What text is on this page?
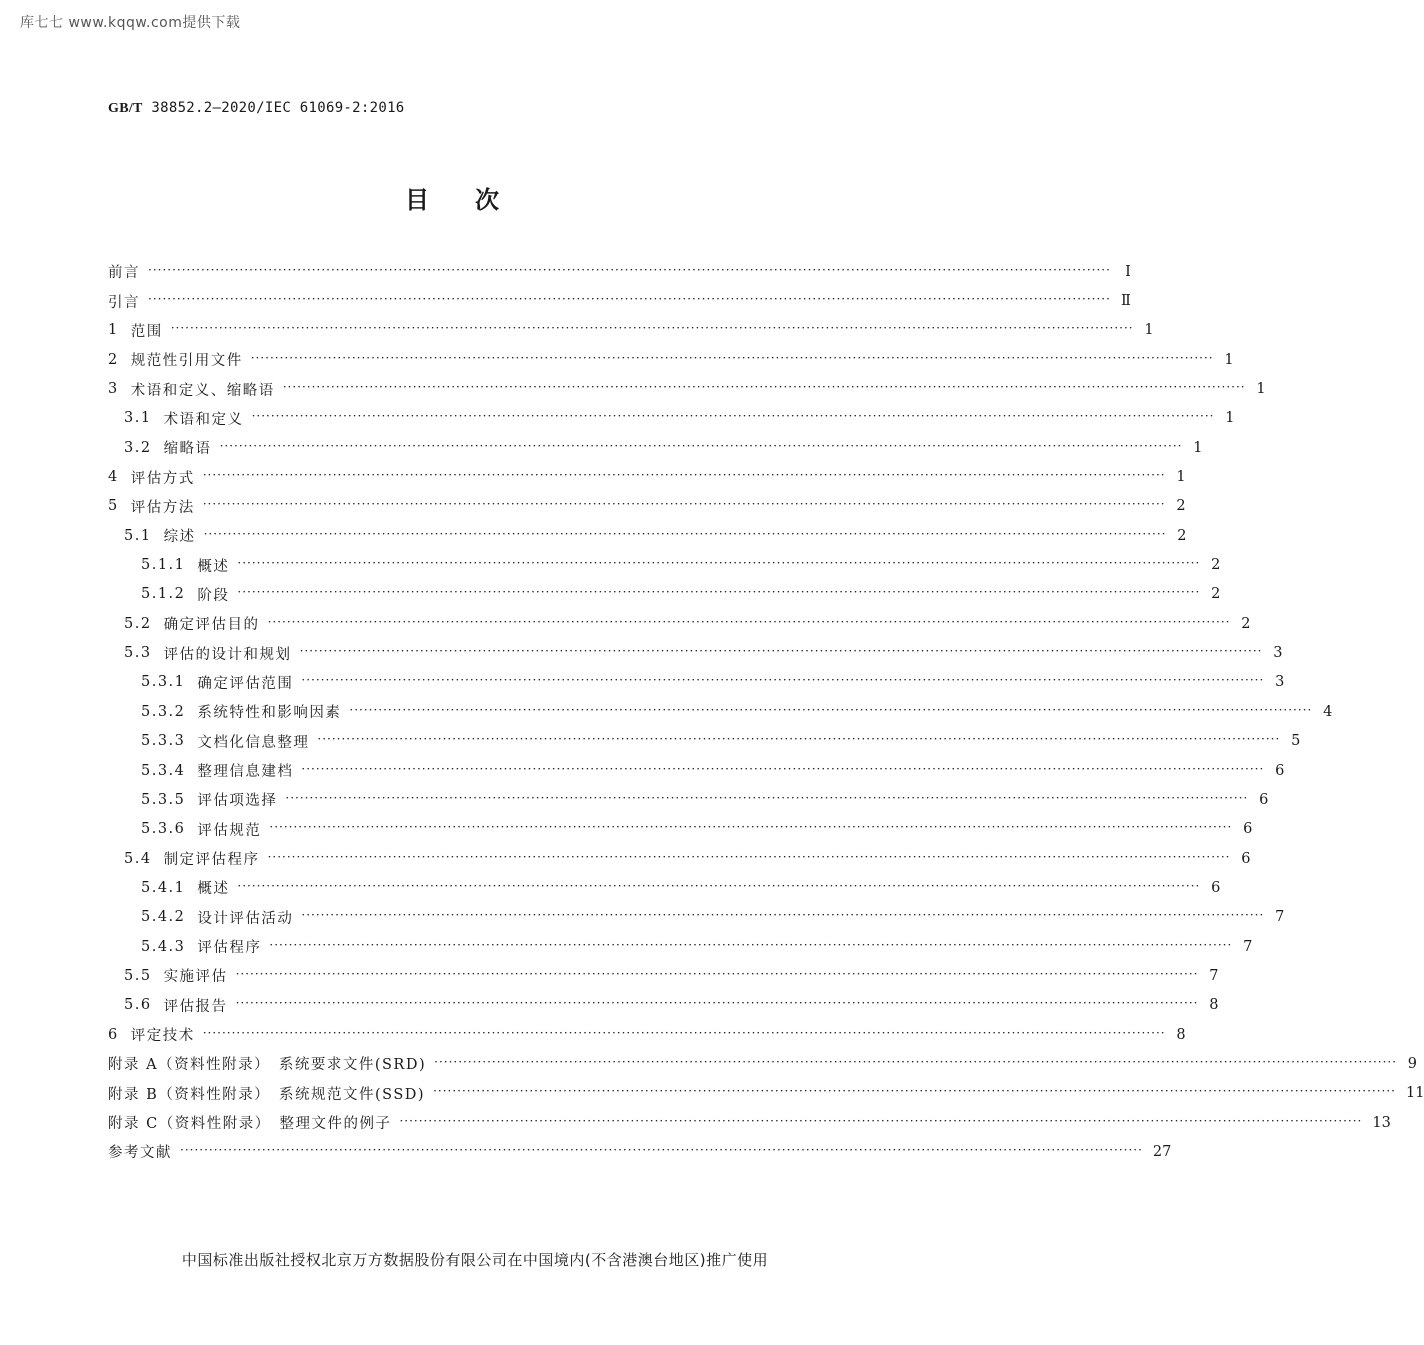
库七七 www.kqqw.com提供下载
GB/T 38852.2—2020/IEC 61069-2:2016
目次
前言 ········································································································································································································ Ⅰ
引言 ········································································································································································································ Ⅱ
1 范围 ········································································································································································································ 1
2 规范性引用文件 ········································································································································································································ 1
3 术语和定义、缩略语 ········································································································································································································ 1
3.1 术语和定义 ········································································································································································································ 1
3.2 缩略语 ········································································································································································································ 1
4 评估方式 ········································································································································································································ 1
5 评估方法 ········································································································································································································ 2
5.1 综述 ········································································································································································································ 2
5.1.1 概述 ········································································································································································································ 2
5.1.2 阶段 ········································································································································································································ 2
5.2 确定评估目的 ········································································································································································································ 2
5.3 评估的设计和规划 ········································································································································································································ 3
5.3.1 确定评估范围 ········································································································································································································ 3
5.3.2 系统特性和影响因素 ········································································································································································································ 4
5.3.3 文档化信息整理 ········································································································································································································ 5
5.3.4 整理信息建档 ········································································································································································································ 6
5.3.5 评估项选择 ········································································································································································································ 6
5.3.6 评估规范 ········································································································································································································ 6
5.4 制定评估程序 ········································································································································································································ 6
5.4.1 概述 ········································································································································································································ 6
5.4.2 设计评估活动 ········································································································································································································ 7
5.4.3 评估程序 ········································································································································································································ 7
5.5 实施评估 ········································································································································································································ 7
5.6 评估报告 ········································································································································································································ 8
6 评定技术 ········································································································································································································ 8
附录 A（资料性附录）　系统要求文件(SRD) ········································································································································································································ 9
附录 B（资料性附录）　系统规范文件(SSD) ········································································································································································································ 11
附录 C（资料性附录）　整理文件的例子 ········································································································································································································ 13
参考文献 ········································································································································································································ 27
中国标准出版社授权北京万方数据股份有限公司在中国境内(不含港澳台地区)推广使用
